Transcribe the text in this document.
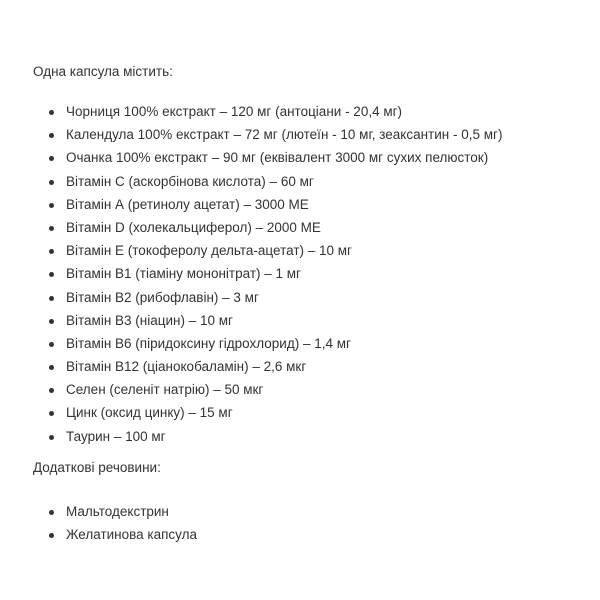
Одна капсула містить:

Чорниця 100% екстракт – 120 мг (антоціани - 20,4 мг)
Календула 100% екстракт – 72 мг (лютеїн - 10 мг, зеаксантин - 0,5 мг)
Очанка 100% екстракт – 90 мг (еквівалент 3000 мг сухих пелюсток)
Вітамін С (аскорбінова кислота) – 60 мг
Вітамін А (ретинолу ацетат) – 3000 МЕ
Вітамін D (холекальциферол) – 2000 МЕ
Вітамін Е (токоферолу дельта-ацетат) – 10 мг
Вітамін В1 (тіаміну мононітрат) – 1 мг
Вітамін В2 (рибофлавін) – 3 мг
Вітамін В3 (ніацин) – 10 мг
Вітамін В6 (піридоксину гідрохлорид) – 1,4 мг
Вітамін В12 (ціанокобаламін) – 2,6 мкг
Селен (селеніт натрію) – 50 мкг
Цинк (оксид цинку) – 15 мг
Таурин – 100 мг

Додаткові речовини:

Мальтодекстрин
Желатинова капсула
